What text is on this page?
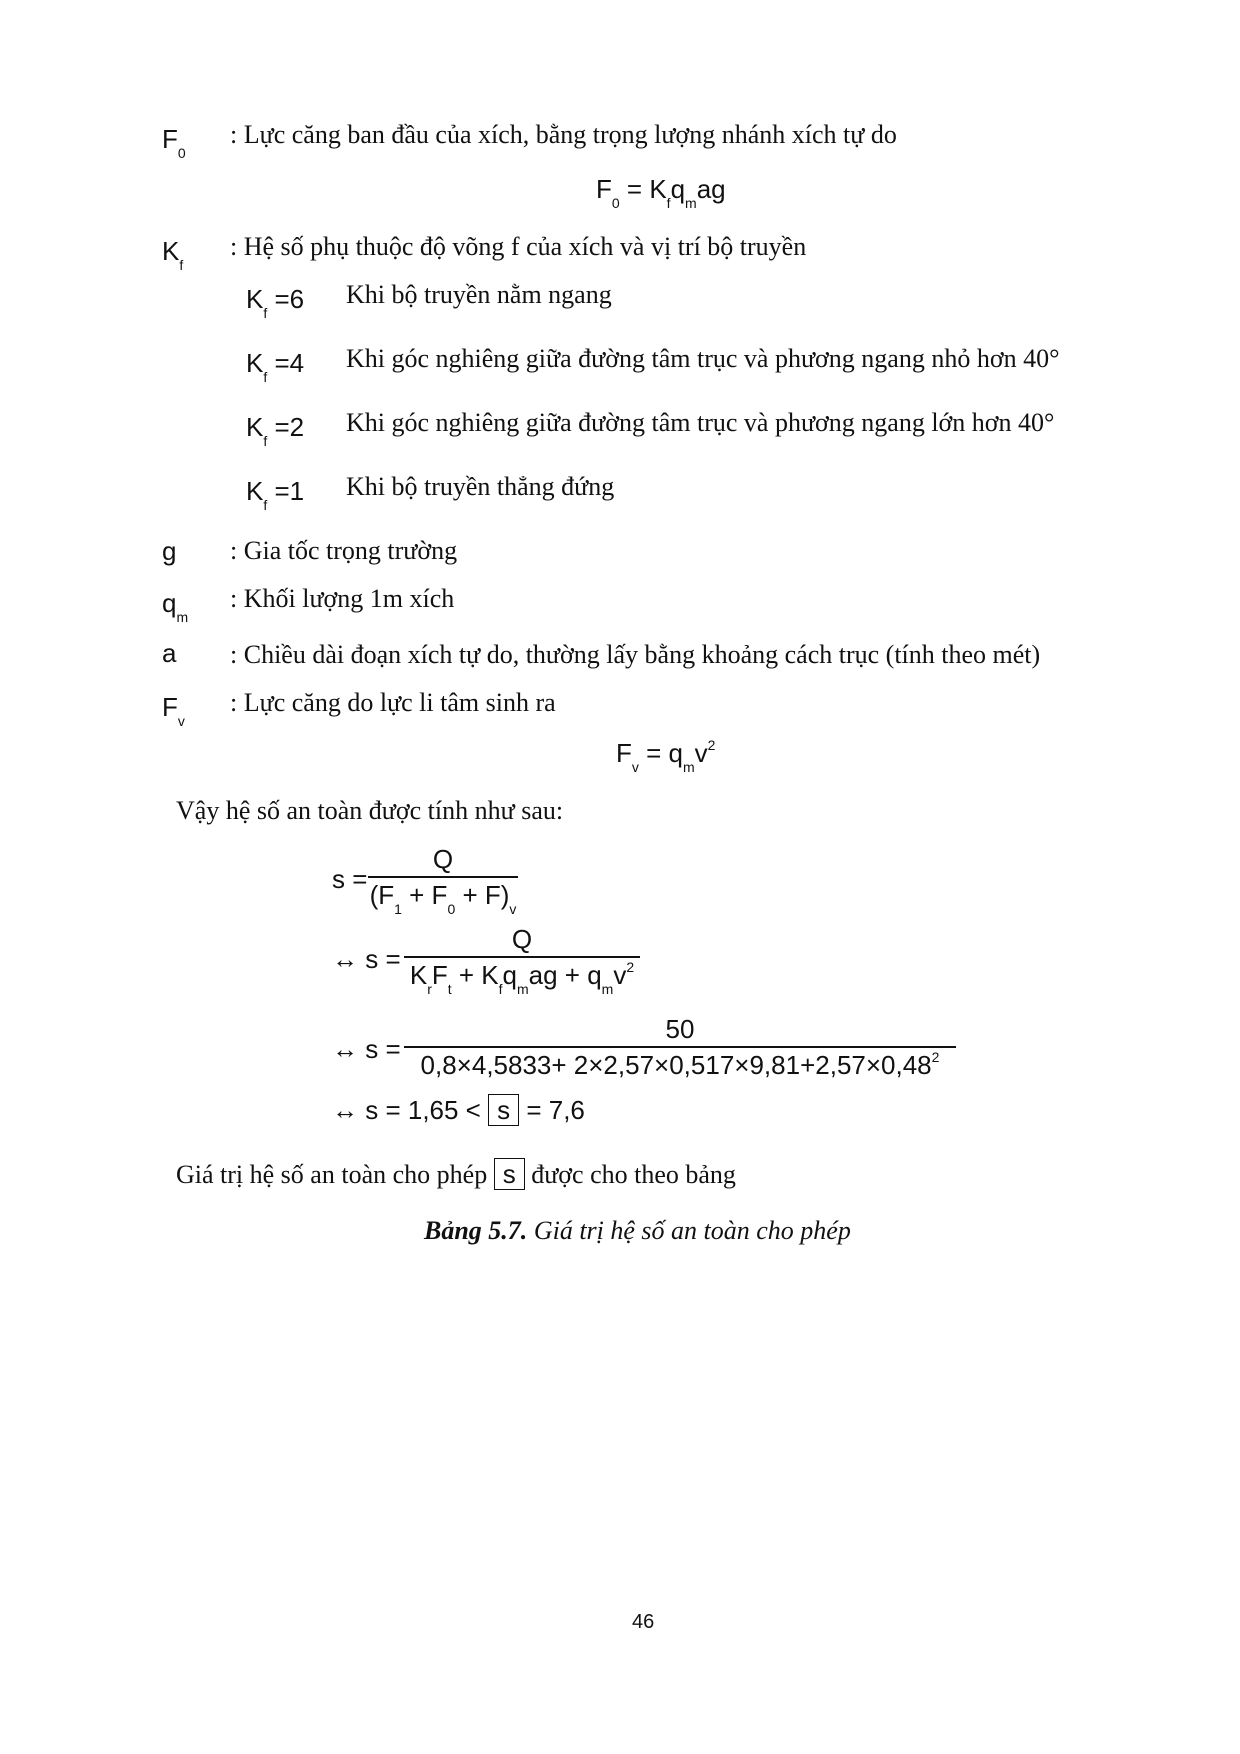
$F_0$
: Lực căng ban đầu của xích, bằng trọng lượng nhánh xích tự do
$F_0 = K_fq_mag$
$K_f$
: Hệ số phụ thuộc độ võng f của xích và vị trí bộ truyền
$K_f =6$ Khi bộ truyền nằm ngang
$K_f =4$ Khi góc nghiêng giữa đường tâm trục và phương ngang nhỏ hơn 40°
$K_f =2$ Khi góc nghiêng giữa đường tâm trục và phương ngang lớn hơn 40°
$K_f =1$ Khi bộ truyền thẳng đứng
g : Gia tốc trọng trường
$q_m$
: Khối lượng 1m xích
a : Chiều dài đoạn xích tự do, thường lấy bằng khoảng cách trục (tính theo mét)
$F_v$
: Lực căng do lực li tâm sinh ra
$F_v = q_mv^2$
Vậy hệ số an toàn được tính như sau:
s =
Q
$(F_1 + F_0 + F)_v$
↔ s =
Q
$K_rF_t + K_fq_mag + q_mv^2$
↔ s =
50
$0,8\times 4,5833+ 2\times 2,57\times 0,517\times 9,81+2,57\times 0,48^2$
↔ s = 1,65 < s = 7,6
Giá trị hệ số an toàn cho phép s được cho theo bảng
Bảng 5.7. Giá trị hệ số an toàn cho phép
46
